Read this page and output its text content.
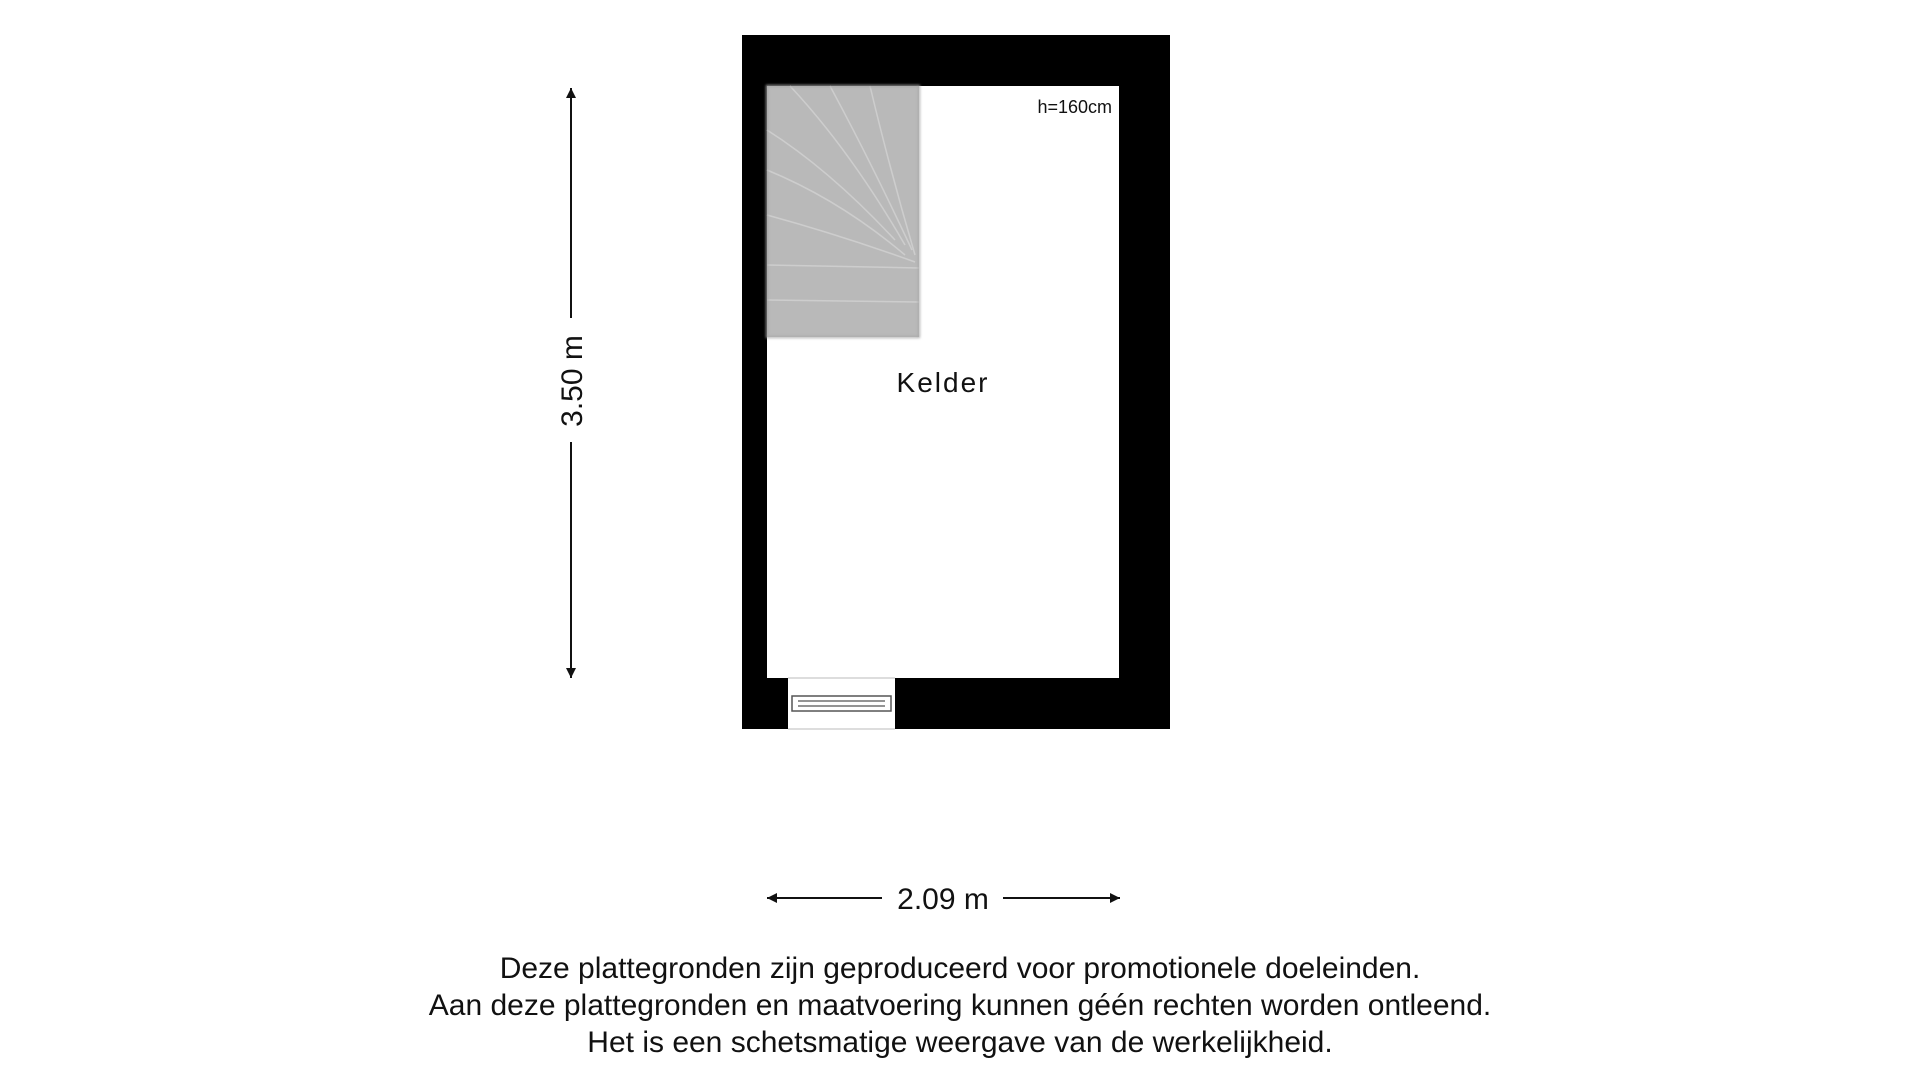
Kelder
h=160cm
3.50 m
2.09 m
Deze plattegronden zijn geproduceerd voor promotionele doeleinden.
Aan deze plattegronden en maatvoering kunnen géén rechten worden ontleend.
Het is een schetsmatige weergave van de werkelijkheid.
